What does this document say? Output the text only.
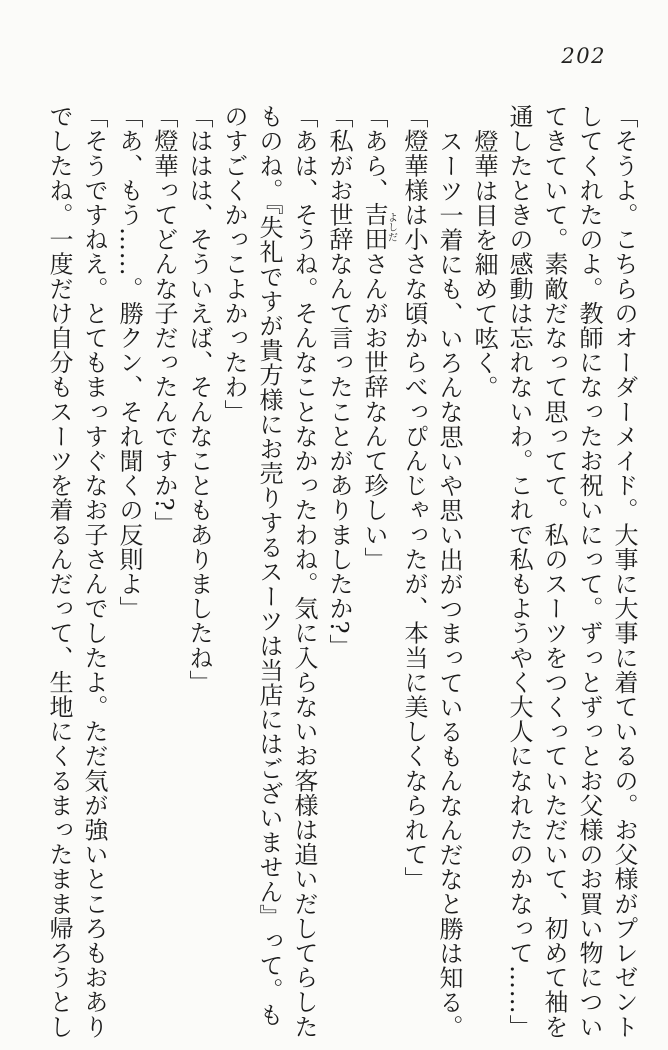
202

「そうよ。こちらのオーダーメイド。大事に大事に着ているの。お父様がプレゼントしてくれたのよ。教師になったお祝いにって。ずっとずっとお父様のお買い物についてきていて。素敵だなって思ってて。私のスーツをつくっていただいて、初めて袖を通したときの感動は忘れないわ。これで私もようやく大人になれたのかなって……」

燈華は目を細めて呟く。

スーツ一着にも、いろんな思いや思い出がつまっているもんなんだなと勝は知る。

「燈華様は小さな頃からべっぴんじゃったが、本当に美しくなられて」

「あら、吉田よしださんがお世辞なんて珍しい」

「私がお世辞なんて言ったことがありましたか?」

「あは、そうね。そんなことなかったわね。気に入らないお客様は追いだしてらしたものね。『失礼ですが貴方様にお売りするスーツは当店にはございません』って。ものすごくかっこよかったわ」

「ははは、そういえば、そんなこともありましたね」

「燈華ってどんな子だったんですか?」

「あ、もう……。勝クン、それ聞くの反則よ」

「そうですねえ。とてもまっすぐなお子さんでしたよ。ただ気が強いところもおありでしたね。一度だけ自分もスーツを着るんだって、生地にくるまったまま帰ろうとし
